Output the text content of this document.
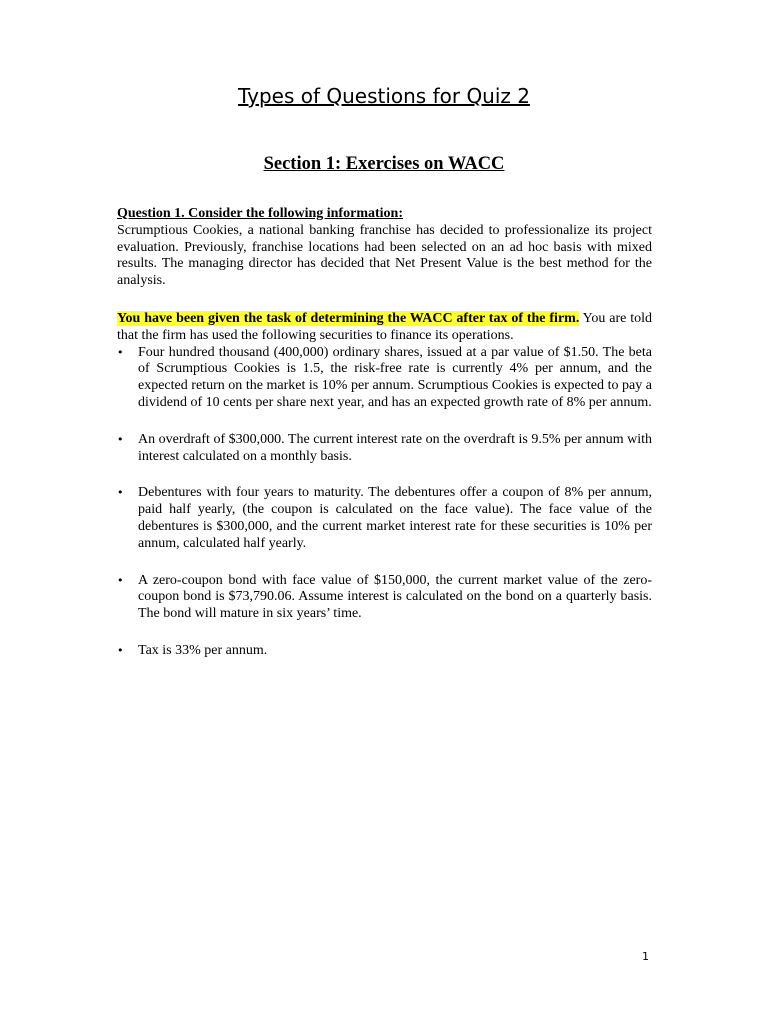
Types of Questions for Quiz 2
Section 1: Exercises on WACC
Question 1. Consider the following information:

Scrumptious Cookies, a national banking franchise has decided to professionalize its project evaluation. Previously, franchise locations had been selected on an ad hoc basis with mixed results. The managing director has decided that Net Present Value is the best method for the analysis.

You have been given the task of determining the WACC after tax of the firm. You are told that the firm has used the following securities to finance its operations.

• Four hundred thousand (400,000) ordinary shares, issued at a par value of $1.50. The beta of Scrumptious Cookies is 1.5, the risk-free rate is currently 4% per annum, and the expected return on the market is 10% per annum. Scrumptious Cookies is expected to pay a dividend of 10 cents per share next year, and has an expected growth rate of 8% per annum.
• An overdraft of $300,000. The current interest rate on the overdraft is 9.5% per annum with interest calculated on a monthly basis.
• Debentures with four years to maturity. The debentures offer a coupon of 8% per annum, paid half yearly, (the coupon is calculated on the face value). The face value of the debentures is $300,000, and the current market interest rate for these securities is 10% per annum, calculated half yearly.
• A zero-coupon bond with face value of $150,000, the current market value of the zero-coupon bond is $73,790.06. Assume interest is calculated on the bond on a quarterly basis. The bond will mature in six years’ time.
• Tax is 33% per annum.
1
